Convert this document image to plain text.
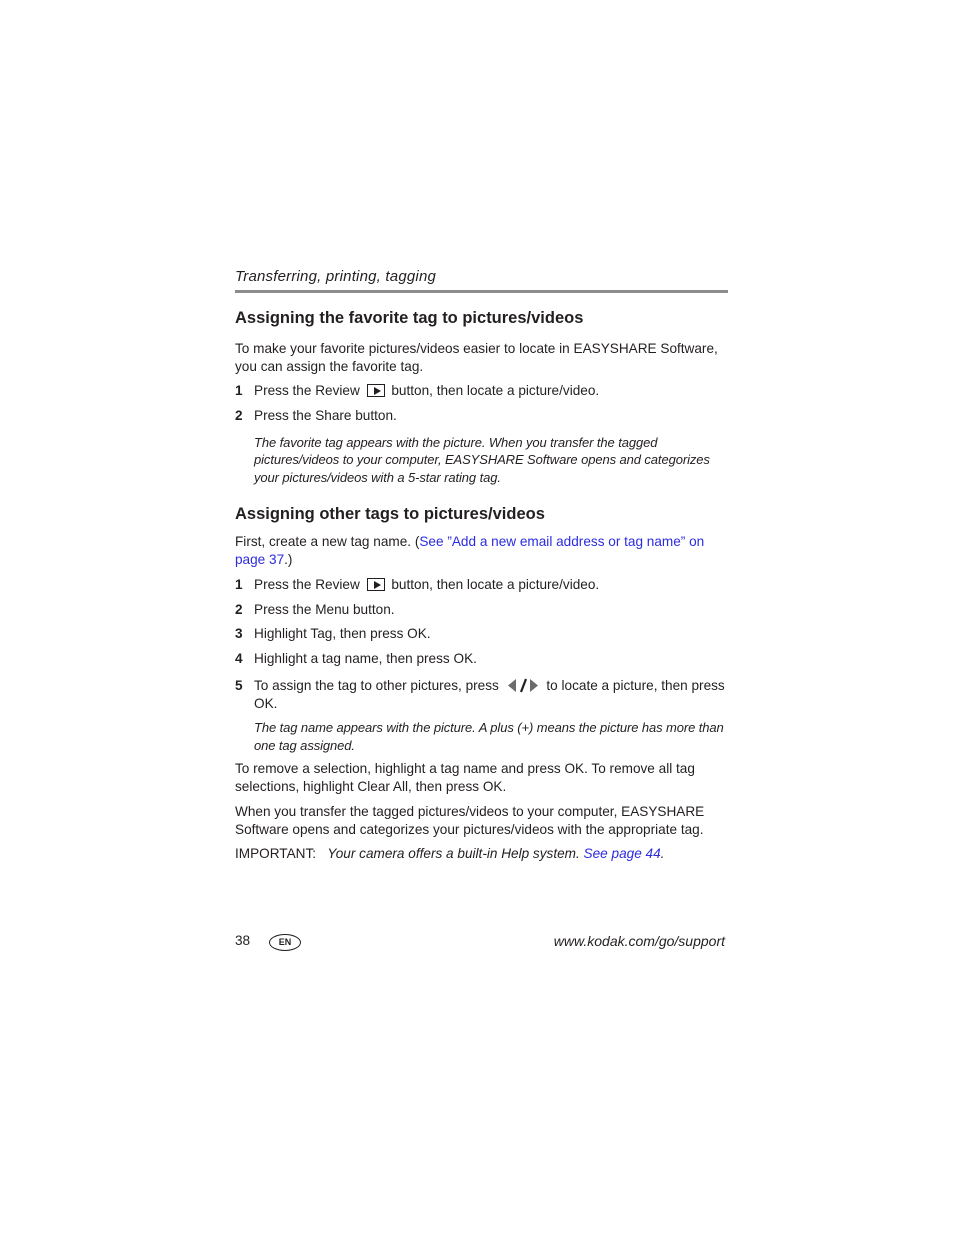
Transferring, printing, tagging

Assigning the favorite tag to pictures/videos

To make your favorite pictures/videos easier to locate in EASYSHARE Software, you can assign the favorite tag.

1 Press the Review button, then locate a picture/video.
2 Press the Share button.

The favorite tag appears with the picture. When you transfer the tagged pictures/videos to your computer, EASYSHARE Software opens and categorizes your pictures/videos with a 5-star rating tag.

Assigning other tags to pictures/videos

First, create a new tag name. (See ”Add a new email address or tag name” on page 37.)

1 Press the Review button, then locate a picture/video.
2 Press the Menu button.
3 Highlight Tag, then press OK.
4 Highlight a tag name, then press OK.
5 To assign the tag to other pictures, press	to locate a picture, then press OK.

The tag name appears with the picture. A plus (+) means the picture has more than one tag assigned.

To remove a selection, highlight a tag name and press OK. To remove all tag selections, highlight Clear All, then press OK.

When you transfer the tagged pictures/videos to your computer, EASYSHARE Software opens and categorizes your pictures/videos with the appropriate tag.

IMPORTANT: Your camera offers a built-in Help system. See page 44.

38	EN	www.kodak.com/go/support
